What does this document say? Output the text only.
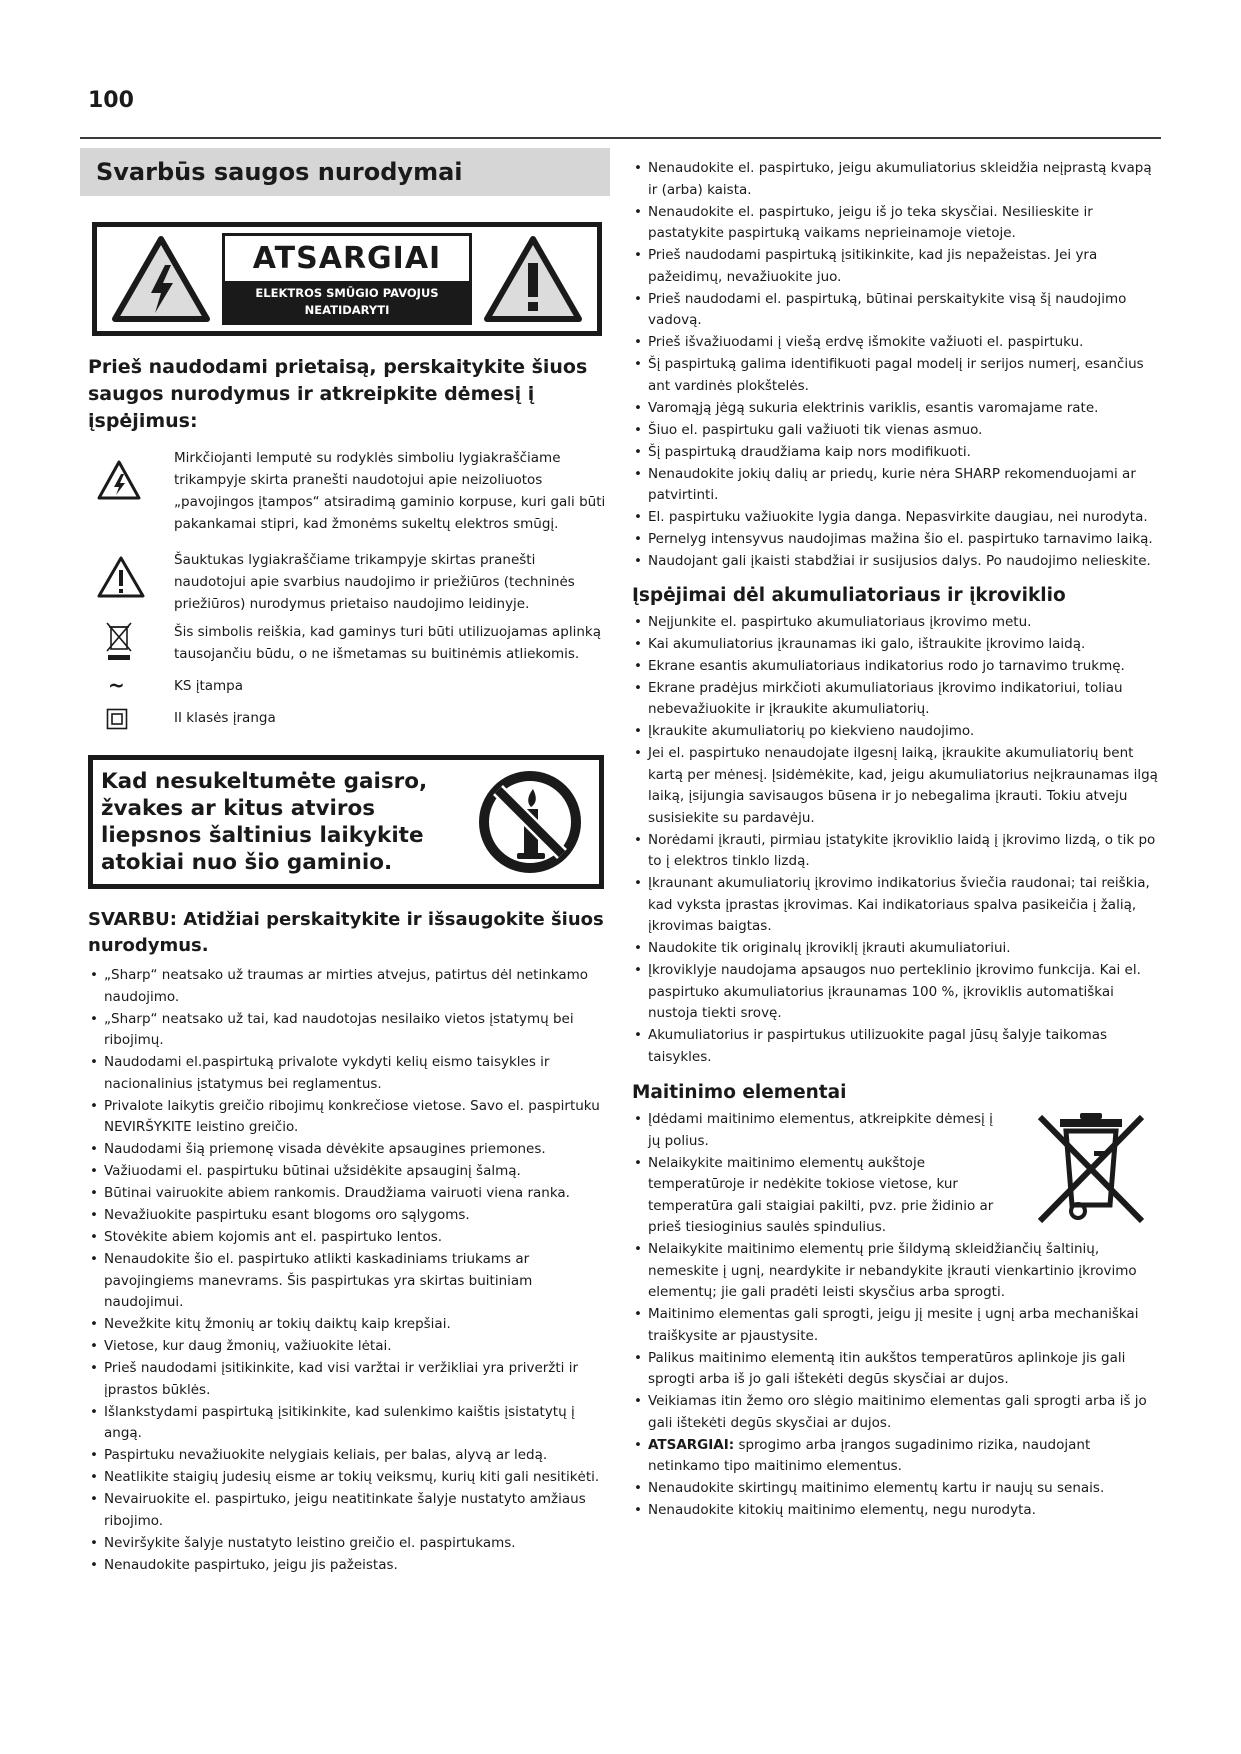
100
Svarbūs saugos nurodymai
ATSARGIAI
ELEKTROS SMŪGIO PAVOJUS
NEATIDARYTI
Prieš naudodami prietaisą, perskaitykite šiuos saugos nurodymus ir atkreipkite dėmesį į įspėjimus:
Mirkčiojanti lemputė su rodyklės simboliu lygiakraščiame trikampyje skirta pranešti naudotojui apie neizoliuotos „pavojingos įtampos“ atsiradimą gaminio korpuse, kuri gali būti pakankamai stipri, kad žmonėms sukeltų elektros smūgį.
Šauktukas lygiakraščiame trikampyje skirtas pranešti naudotojui apie svarbius naudojimo ir priežiūros (techninės priežiūros) nurodymus prietaiso naudojimo leidinyje.
Šis simbolis reiškia, kad gaminys turi būti utilizuojamas aplinką tausojančiu būdu, o ne išmetamas su buitinėmis atliekomis.
~	KS įtampa
II klasės įranga
Kad nesukeltumėte gaisro,
žvakes ar kitus atviros
liepsnos šaltinius laikykite
atokiai nuo šio gaminio.
SVARBU: Atidžiai perskaitykite ir išsaugokite šiuos nurodymus.
• „Sharp“ neatsako už traumas ar mirties atvejus, patirtus dėl netinkamo naudojimo.
• „Sharp“ neatsako už tai, kad naudotojas nesilaiko vietos įstatymų bei ribojimų.
• Naudodami el.paspirtuką privalote vykdyti kelių eismo taisykles ir nacionalinius įstatymus bei reglamentus.
• Privalote laikytis greičio ribojimų konkrečiose vietose. Savo el. paspirtuku NEVIRŠYKITE leistino greičio.
• Naudodami šią priemonę visada dėvėkite apsaugines priemones.
• Važiuodami el. paspirtuku būtinai užsidėkite apsauginį šalmą.
• Būtinai vairuokite abiem rankomis. Draudžiama vairuoti viena ranka.
• Nevažiuokite paspirtuku esant blogoms oro sąlygoms.
• Stovėkite abiem kojomis ant el. paspirtuko lentos.
• Nenaudokite šio el. paspirtuko atlikti kaskadiniams triukams ar pavojingiems manevrams. Šis paspirtukas yra skirtas buitiniam naudojimui.
• Nevežkite kitų žmonių ar tokių daiktų kaip krepšiai.
• Vietose, kur daug žmonių, važiuokite lėtai.
• Prieš naudodami įsitikinkite, kad visi varžtai ir veržikliai yra priveržti ir įprastos būklės.
• Išlankstydami paspirtuką įsitikinkite, kad sulenkimo kaištis įsistatytų į angą.
• Paspirtuku nevažiuokite nelygiais keliais, per balas, alyvą ar ledą.
• Neatlikite staigių judesių eisme ar tokių veiksmų, kurių kiti gali nesitikėti.
• Nevairuokite el. paspirtuko, jeigu neatitinkate šalyje nustatyto amžiaus ribojimo.
• Neviršykite šalyje nustatyto leistino greičio el. paspirtukams.
• Nenaudokite paspirtuko, jeigu jis pažeistas.
• Nenaudokite el. paspirtuko, jeigu akumuliatorius skleidžia neįprastą kvapą ir (arba) kaista.
• Nenaudokite el. paspirtuko, jeigu iš jo teka skysčiai. Nesilieskite ir pastatykite paspirtuką vaikams neprieinamoje vietoje.
• Prieš naudodami paspirtuką įsitikinkite, kad jis nepažeistas. Jei yra pažeidimų, nevažiuokite juo.
• Prieš naudodami el. paspirtuką, būtinai perskaitykite visą šį naudojimo vadovą.
• Prieš išvažiuodami į viešą erdvę išmokite važiuoti el. paspirtuku.
• Šį paspirtuką galima identifikuoti pagal modelį ir serijos numerį, esančius ant vardinės plokštelės.
• Varomąją jėgą sukuria elektrinis variklis, esantis varomajame rate.
• Šiuo el. paspirtuku gali važiuoti tik vienas asmuo.
• Šį paspirtuką draudžiama kaip nors modifikuoti.
• Nenaudokite jokių dalių ar priedų, kurie nėra SHARP rekomenduojami ar patvirtinti.
• El. paspirtuku važiuokite lygia danga. Nepasvirkite daugiau, nei nurodyta.
• Pernelyg intensyvus naudojimas mažina šio el. paspirtuko tarnavimo laiką.
• Naudojant gali įkaisti stabdžiai ir susijusios dalys. Po naudojimo nelieskite.
Įspėjimai dėl akumuliatoriaus ir įkroviklio
• Neįjunkite el. paspirtuko akumuliatoriaus įkrovimo metu.
• Kai akumuliatorius įkraunamas iki galo, ištraukite įkrovimo laidą.
• Ekrane esantis akumuliatoriaus indikatorius rodo jo tarnavimo trukmę.
• Ekrane pradėjus mirkčioti akumuliatoriaus įkrovimo indikatoriui, toliau nebevažiuokite ir įkraukite akumuliatorių.
• Įkraukite akumuliatorių po kiekvieno naudojimo.
• Jei el. paspirtuko nenaudojate ilgesnį laiką, įkraukite akumuliatorių bent kartą per mėnesį. Įsidėmėkite, kad, jeigu akumuliatorius neįkraunamas ilgą laiką, įsijungia savisaugos būsena ir jo nebegalima įkrauti. Tokiu atveju susisiekite su pardavėju.
• Norėdami įkrauti, pirmiau įstatykite įkroviklio laidą į įkrovimo lizdą, o tik po to į elektros tinklo lizdą.
• Įkraunant akumuliatorių įkrovimo indikatorius šviečia raudonai; tai reiškia, kad vyksta įprastas įkrovimas. Kai indikatoriaus spalva pasikeičia į žalią, įkrovimas baigtas.
• Naudokite tik originalų įkroviklį įkrauti akumuliatoriui.
• Įkroviklyje naudojama apsaugos nuo perteklinio įkrovimo funkcija. Kai el. paspirtuko akumuliatorius įkraunamas 100 %, įkroviklis automatiškai nustoja tiekti srovę.
• Akumuliatorius ir paspirtukus utilizuokite pagal jūsų šalyje taikomas taisykles.
Maitinimo elementai
• Įdėdami maitinimo elementus, atkreipkite dėmesį į jų polius.
• Nelaikykite maitinimo elementų aukštoje temperatūroje ir nedėkite tokiose vietose, kur temperatūra gali staigiai pakilti, pvz. prie židinio ar prieš tiesioginius saulės spindulius.
• Nelaikykite maitinimo elementų prie šildymą skleidžiančių šaltinių, nemeskite į ugnį, neardykite ir nebandykite įkrauti vienkartinio įkrovimo elementų; jie gali pradėti leisti skysčius arba sprogti.
• Maitinimo elementas gali sprogti, jeigu jį mesite į ugnį arba mechaniškai traiškysite ar pjaustysite.
• Palikus maitinimo elementą itin aukštos temperatūros aplinkoje jis gali sprogti arba iš jo gali ištekėti degūs skysčiai ar dujos.
• Veikiamas itin žemo oro slėgio maitinimo elementas gali sprogti arba iš jo gali ištekėti degūs skysčiai ar dujos.
• ATSARGIAI: sprogimo arba įrangos sugadinimo rizika, naudojant netinkamo tipo maitinimo elementus.
• Nenaudokite skirtingų maitinimo elementų kartu ir naujų su senais.
• Nenaudokite kitokių maitinimo elementų, negu nurodyta.
